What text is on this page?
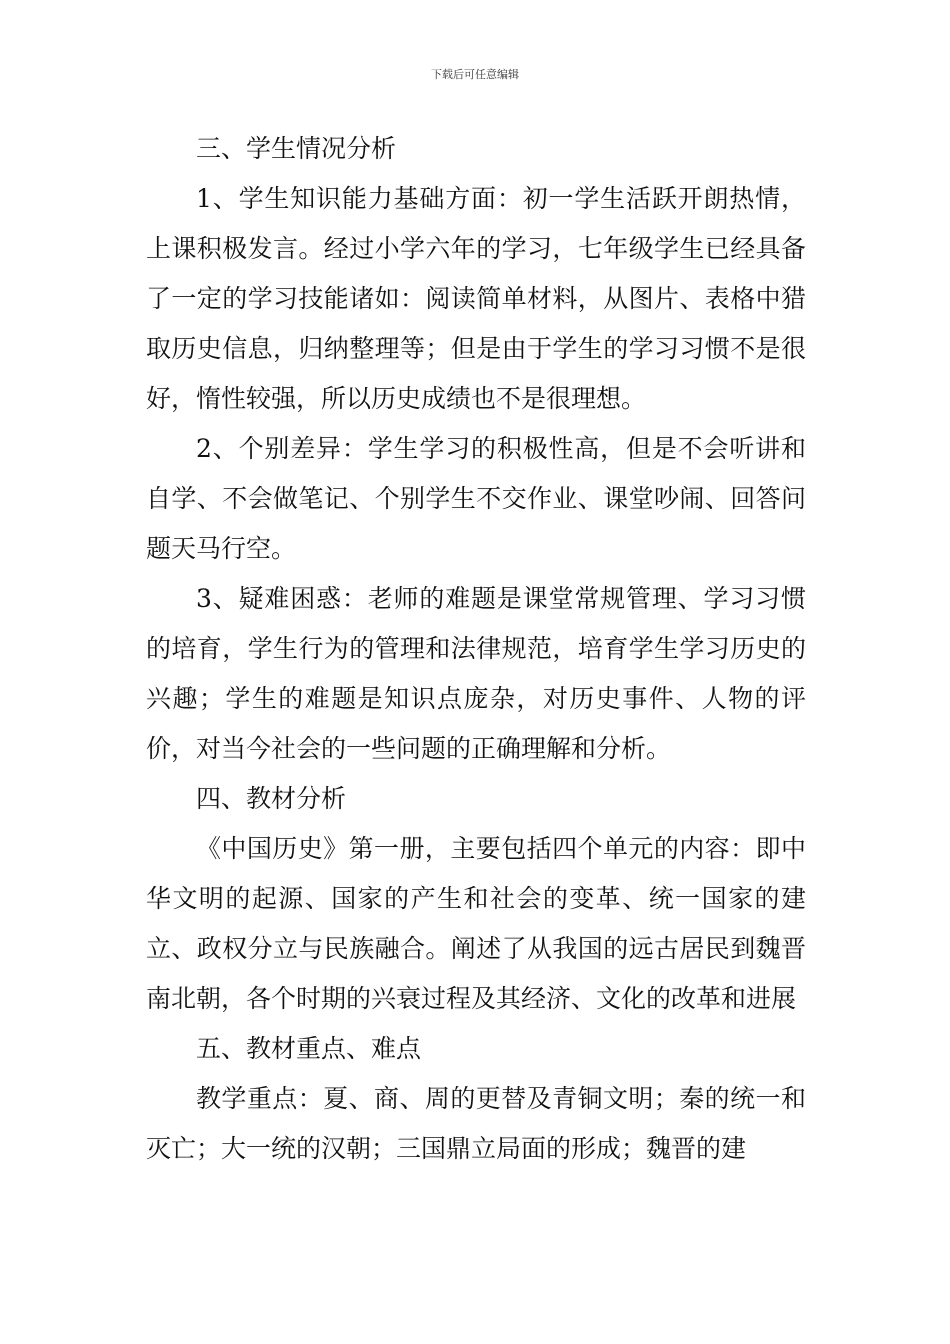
下载后可任意编辑

三、学生情况分析

1、学生知识能力基础方面：初一学生活跃开朗热情，上课积极发言。经过小学六年的学习，七年级学生已经具备了一定的学习技能诸如：阅读简单材料，从图片、表格中猎取历史信息，归纳整理等；但是由于学生的学习习惯不是很好，惰性较强，所以历史成绩也不是很理想。

2、个别差异：学生学习的积极性高，但是不会听讲和自学、不会做笔记、个别学生不交作业、课堂吵闹、回答问题天马行空。

3、疑难困惑：老师的难题是课堂常规管理、学习习惯的培育，学生行为的管理和法律规范，培育学生学习历史的兴趣；学生的难题是知识点庞杂，对历史事件、人物的评价，对当今社会的一些问题的正确理解和分析。

四、教材分析

《中国历史》第一册，主要包括四个单元的内容：即中华文明的起源、国家的产生和社会的变革、统一国家的建立、政权分立与民族融合。阐述了从我国的远古居民到魏晋南北朝，各个时期的兴衰过程及其经济、文化的改革和进展

五、教材重点、难点

教学重点：夏、商、周的更替及青铜文明；秦的统一和灭亡；大一统的汉朝；三国鼎立局面的形成；魏晋的建
